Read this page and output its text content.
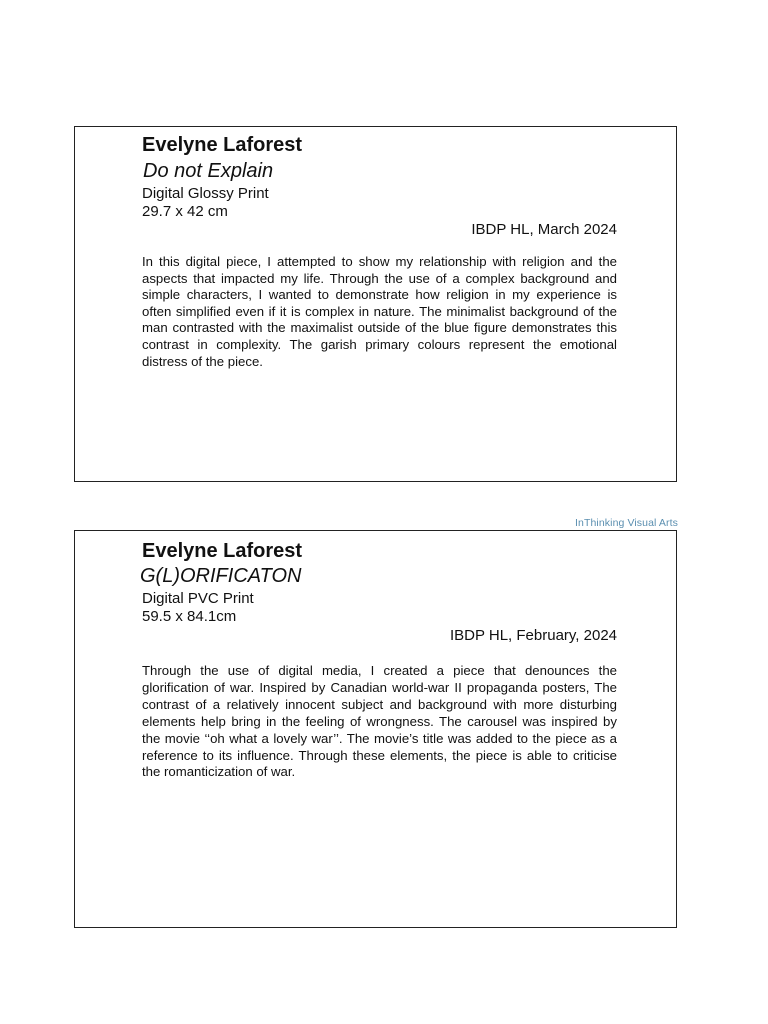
Evelyne Laforest
Do not Explain
Digital Glossy Print
29.7 x 42 cm
IBDP HL, March 2024

In this digital piece, I attempted to show my relationship with religion and the aspects that impacted my life. Through the use of a complex background and simple characters, I wanted to demonstrate how religion in my experience is often simplified even if it is complex in nature. The minimalist background of the man contrasted with the maximalist outside of the blue figure demonstrates this contrast in complexity. The garish primary colours represent the emotional distress of the piece.

InThinking Visual Arts
Evelyne Laforest
G(L)ORIFICATON
Digital PVC Print
59.5 x 84.1cm
IBDP HL, February, 2024

Through the use of digital media, I created a piece that denounces the glorification of war. Inspired by Canadian world-war II propaganda posters, The contrast of a relatively innocent subject and background with more disturbing elements help bring in the feeling of wrongness. The carousel was inspired by the movie ‘‘oh what a lovely war’’. The movie’s title was added to the piece as a reference to its influence. Through these elements, the piece is able to criticise the romanticization of war.
